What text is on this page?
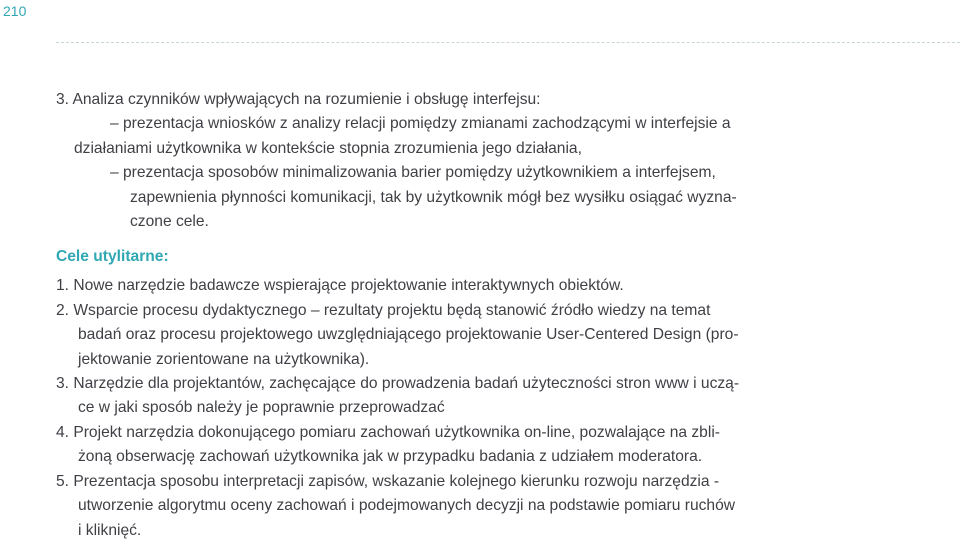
210
3. Analiza czynników wpływających na rozumienie i obsługę interfejsu:
– prezentacja wniosków z analizy relacji pomiędzy zmianami zachodzącymi w interfejsie a
działaniami użytkownika w kontekście stopnia zrozumienia jego działania,
– prezentacja sposobów minimalizowania barier pomiędzy użytkownikiem a interfejsem,
zapewnienia płynności komunikacji, tak by użytkownik mógł bez wysiłku osiągać wyzna-
czone cele.
Cele utylitarne:
1. Nowe narzędzie badawcze wspierające projektowanie interaktywnych obiektów.
2. Wsparcie procesu dydaktycznego – rezultaty projektu będą stanowić źródło wiedzy na temat
badań oraz procesu projektowego uwzględniającego projektowanie User-Centered Design (pro-
jektowanie zorientowane na użytkownika).
3. Narzędzie dla projektantów, zachęcające do prowadzenia badań użyteczności stron www i uczą-
ce w jaki sposób należy je poprawnie przeprowadzać
4. Projekt narzędzia dokonującego pomiaru zachowań użytkownika on-line, pozwalające na zbli-
żoną obserwację zachowań użytkownika jak w przypadku badania z udziałem moderatora.
5. Prezentacja sposobu interpretacji zapisów, wskazanie kolejnego kierunku rozwoju narzędzia -
utworzenie algorytmu oceny zachowań i podejmowanych decyzji na podstawie pomiaru ruchów
i kliknięć.
